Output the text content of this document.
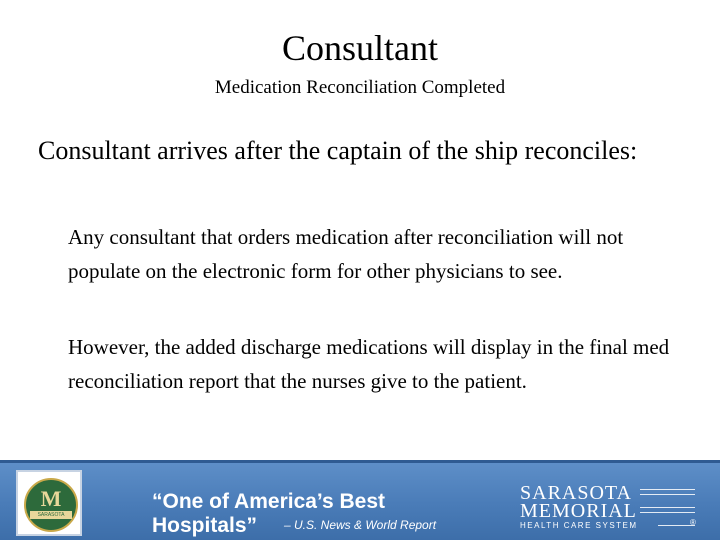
Consultant
Medication Reconciliation Completed
Consultant arrives after the captain of the ship reconciles:
Any consultant that orders medication after reconciliation will not populate on the electronic form for other physicians to see.
However, the added discharge medications will display in the final med reconciliation report that the nurses give to the patient.
M
SARASOTA
“One of America’s Best Hospitals”	– U.S. News & World Report
SARASOTA
MEMORIAL
HEALTH CARE SYSTEM	®
